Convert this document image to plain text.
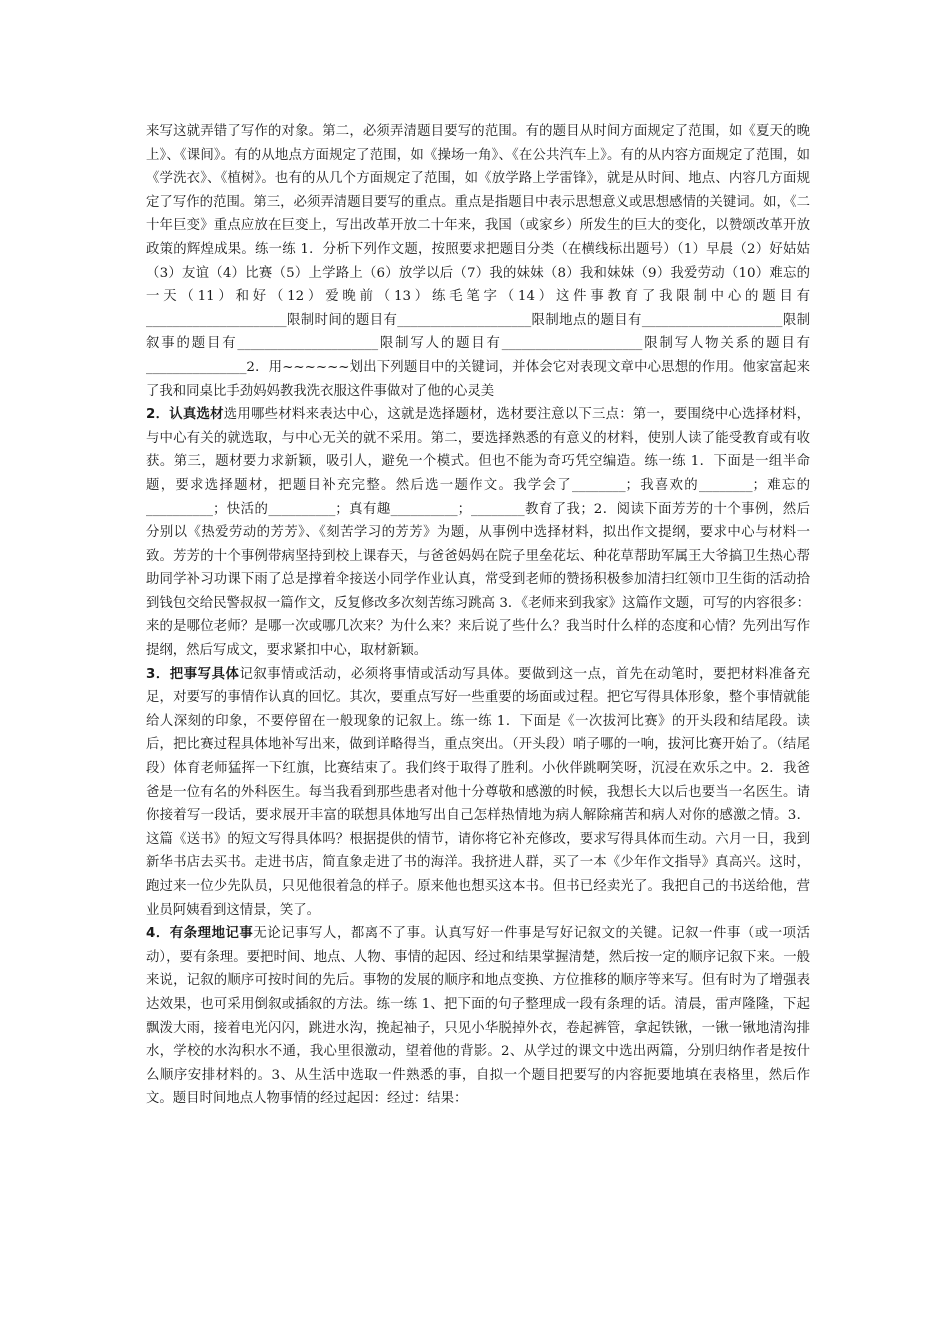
来写这就弄错了写作的对象。第二，必须弄清题目要写的范围。有的题目从时间方面规定了范围，如《夏天的晚上》、《课间》。有的从地点方面规定了范围，如《操场一角》、《在公共汽车上》。有的从内容方面规定了范围，如《学洗衣》、《植树》。也有的从几个方面规定了范围，如《放学路上学雷锋》，就是从时间、地点、内容几方面规定了写作的范围。第三，必须弄清题目要写的重点。重点是指题目中表示思想意义或思想感情的关键词。如，《二十年巨变》重点应放在巨变上，写出改革开放二十年来，我国（或家乡）所发生的巨大的变化，以赞颂改革开放政策的辉煌成果。练一练 1．分析下列作文题，按照要求把题目分类（在横线标出题号）（1）早晨（2）好姑姑（3）友谊（4）比赛（5）上学路上（6）放学以后（7）我的妹妹（8）我和妹妹（9）我爱劳动（10）难忘的一天（11）和好（12）爱晚前（13）练毛笔字（14）这件事教育了我限制中心的题目有_____________________限制时间的题目有____________________限制地点的题目有_____________________限制叙事的题目有_____________________限制写人的题目有_____________________限制写人物关系的题目有_______________2．用~~~~~~划出下列题目中的关键词，并体会它对表现文章中心思想的作用。他家富起来了我和同桌比手劲妈妈教我洗衣服这件事做对了他的心灵美

2．认真选材选用哪些材料来表达中心，这就是选择题材，选材要注意以下三点：第一，要围绕中心选择材料，与中心有关的就选取，与中心无关的就不采用。第二，要选择熟悉的有意义的材料，使别人读了能受教育或有收获。第三，题材要力求新颖，吸引人，避免一个模式。但也不能为奇巧凭空编造。练一练 1．下面是一组半命题，要求选择题材，把题目补充完整。然后选一题作文。我学会了________；我喜欢的________；难忘的__________；快活的__________；真有趣__________；________教育了我；2．阅读下面芳芳的十个事例，然后分别以《热爱劳动的芳芳》、《刻苦学习的芳芳》为题，从事例中选择材料，拟出作文提纲，要求中心与材料一致。芳芳的十个事例带病坚持到校上课春天，与爸爸妈妈在院子里垒花坛、种花草帮助军属王大爷搞卫生热心帮助同学补习功课下雨了总是撑着伞接送小同学作业认真，常受到老师的赞扬积极参加清扫红领巾卫生街的活动拾到钱包交给民警叔叔一篇作文，反复修改多次刻苦练习跳高 3．《老师来到我家》这篇作文题，可写的内容很多：来的是哪位老师？是哪一次或哪几次来？为什么来？来后说了些什么？我当时什么样的态度和心情？先列出写作提纲，然后写成文，要求紧扣中心，取材新颖。

3．把事写具体记叙事情或活动，必须将事情或活动写具体。要做到这一点，首先在动笔时，要把材料准备充足，对要写的事情作认真的回忆。其次，要重点写好一些重要的场面或过程。把它写得具体形象，整个事情就能给人深刻的印象，不要停留在一般现象的记叙上。练一练 1．下面是《一次拔河比赛》的开头段和结尾段。读后，把比赛过程具体地补写出来，做到详略得当，重点突出。（开头段）哨子哪的一响，拔河比赛开始了。（结尾段）体育老师猛挥一下红旗，比赛结束了。我们终于取得了胜利。小伙伴跳啊笑呀，沉浸在欢乐之中。2．我爸爸是一位有名的外科医生。每当我看到那些患者对他十分尊敬和感激的时候，我想长大以后也要当一名医生。请你接着写一段话，要求展开丰富的联想具体地写出自己怎样热情地为病人解除痛苦和病人对你的感激之情。3．这篇《送书》的短文写得具体吗？根据提供的情节，请你将它补充修改，要求写得具体而生动。六月一日，我到新华书店去买书。走进书店，简直象走进了书的海洋。我挤进人群，买了一本《少年作文指导》真高兴。这时，跑过来一位少先队员，只见他很着急的样子。原来他也想买这本书。但书已经卖光了。我把自己的书送给他，营业员阿姨看到这情景，笑了。

4．有条理地记事无论记事写人，都离不了事。认真写好一件事是写好记叙文的关键。记叙一件事（或一项活动），要有条理。要把时间、地点、人物、事情的起因、经过和结果掌握清楚，然后按一定的顺序记叙下来。一般来说，记叙的顺序可按时间的先后。事物的发展的顺序和地点变换、方位推移的顺序等来写。但有时为了增强表达效果，也可采用倒叙或插叙的方法。练一练 1、把下面的句子整理成一段有条理的话。清晨，雷声隆隆，下起飘泼大雨，接着电光闪闪，跳进水沟，挽起袖子，只见小华脱掉外衣，卷起裤管，拿起铁锹，一锹一锹地清沟排水，学校的水沟积水不通，我心里很激动，望着他的背影。2、从学过的课文中选出两篇，分别归纳作者是按什么顺序安排材料的。3、从生活中选取一件熟悉的事，自拟一个题目把要写的内容扼要地填在表格里，然后作文。题目时间地点人物事情的经过起因：经过：结果：
